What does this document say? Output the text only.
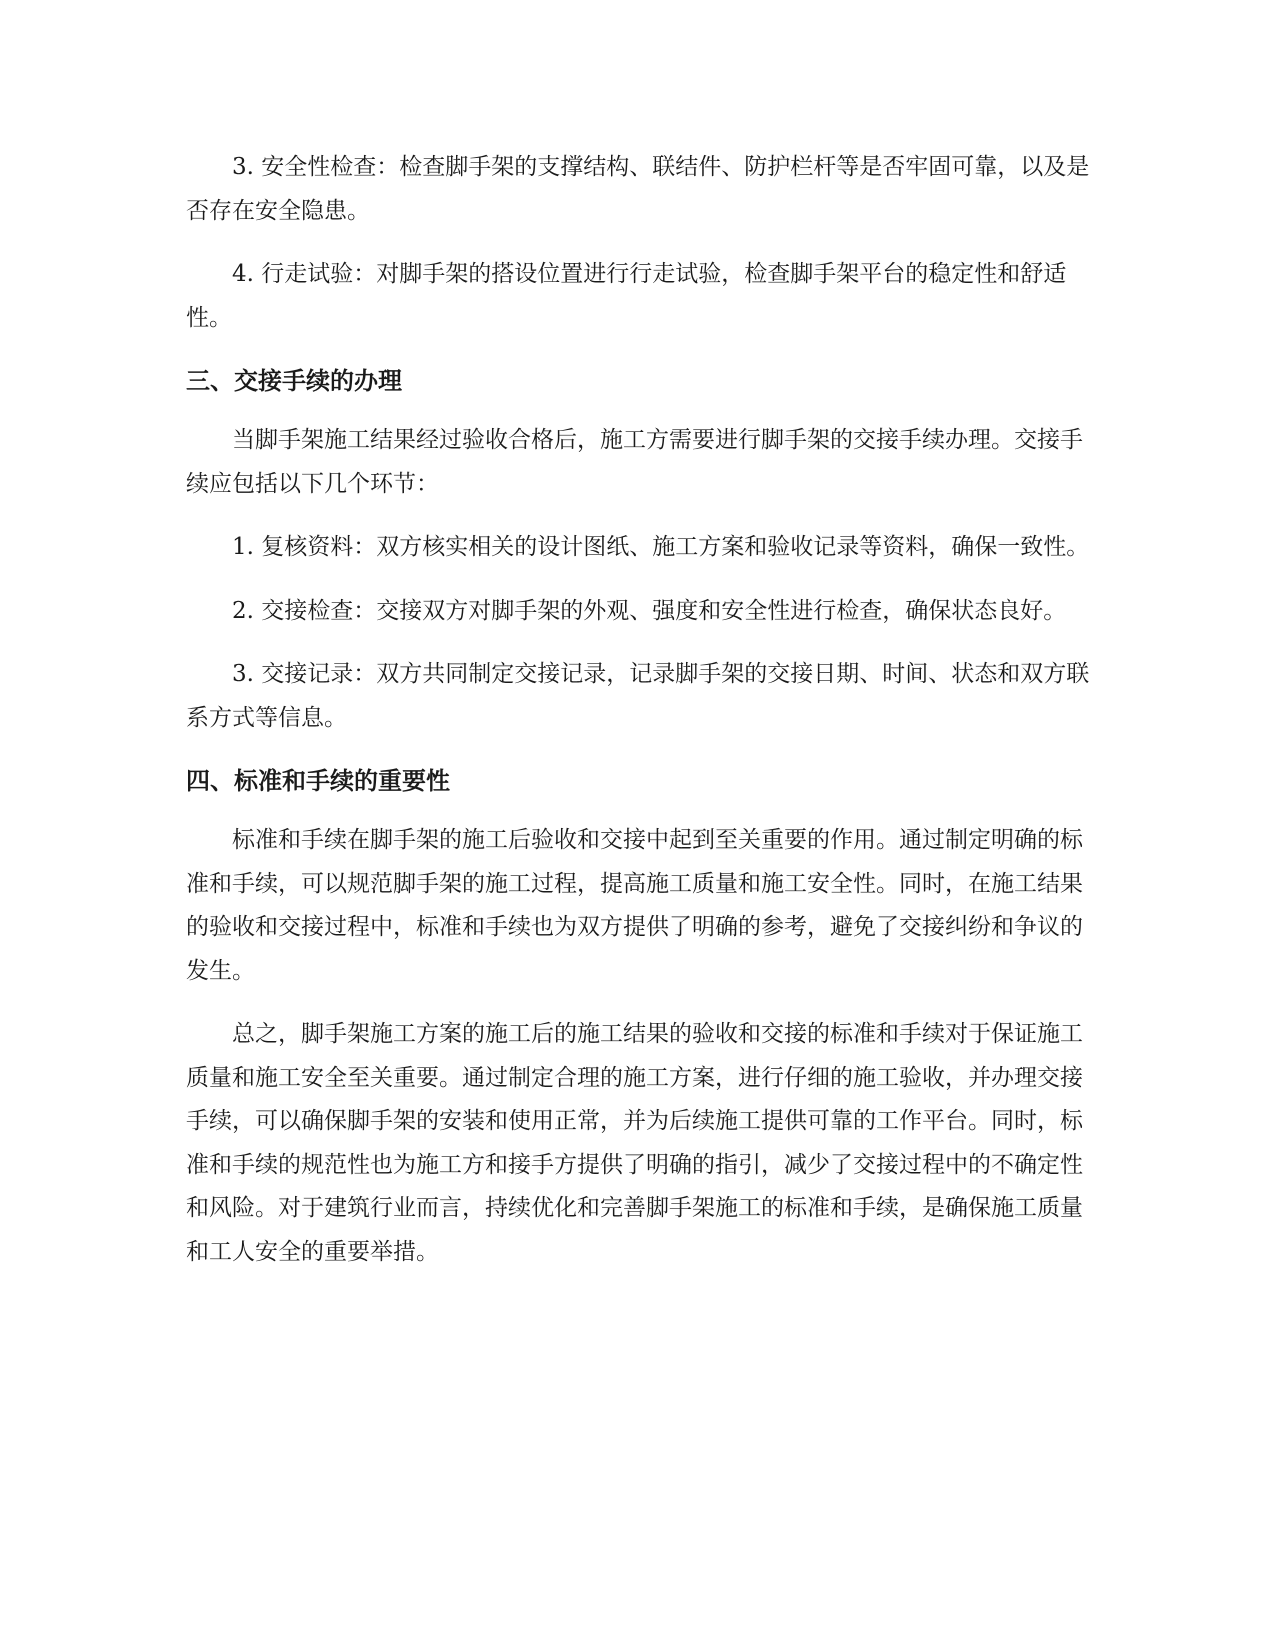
3. 安全性检查：检查脚手架的支撑结构、联结件、防护栏杆等是否牢固可靠，以及是否存在安全隐患。

4. 行走试验：对脚手架的搭设位置进行行走试验，检查脚手架平台的稳定性和舒适性。

三、交接手续的办理

当脚手架施工结果经过验收合格后，施工方需要进行脚手架的交接手续办理。交接手续应包括以下几个环节：

1. 复核资料：双方核实相关的设计图纸、施工方案和验收记录等资料，确保一致性。

2. 交接检查：交接双方对脚手架的外观、强度和安全性进行检查，确保状态良好。

3. 交接记录：双方共同制定交接记录，记录脚手架的交接日期、时间、状态和双方联系方式等信息。

四、标准和手续的重要性

标准和手续在脚手架的施工后验收和交接中起到至关重要的作用。通过制定明确的标准和手续，可以规范脚手架的施工过程，提高施工质量和施工安全性。同时，在施工结果的验收和交接过程中，标准和手续也为双方提供了明确的参考，避免了交接纠纷和争议的发生。

总之，脚手架施工方案的施工后的施工结果的验收和交接的标准和手续对于保证施工质量和施工安全至关重要。通过制定合理的施工方案，进行仔细的施工验收，并办理交接手续，可以确保脚手架的安装和使用正常，并为后续施工提供可靠的工作平台。同时，标准和手续的规范性也为施工方和接手方提供了明确的指引，减少了交接过程中的不确定性和风险。对于建筑行业而言，持续优化和完善脚手架施工的标准和手续，是确保施工质量和工人安全的重要举措。
